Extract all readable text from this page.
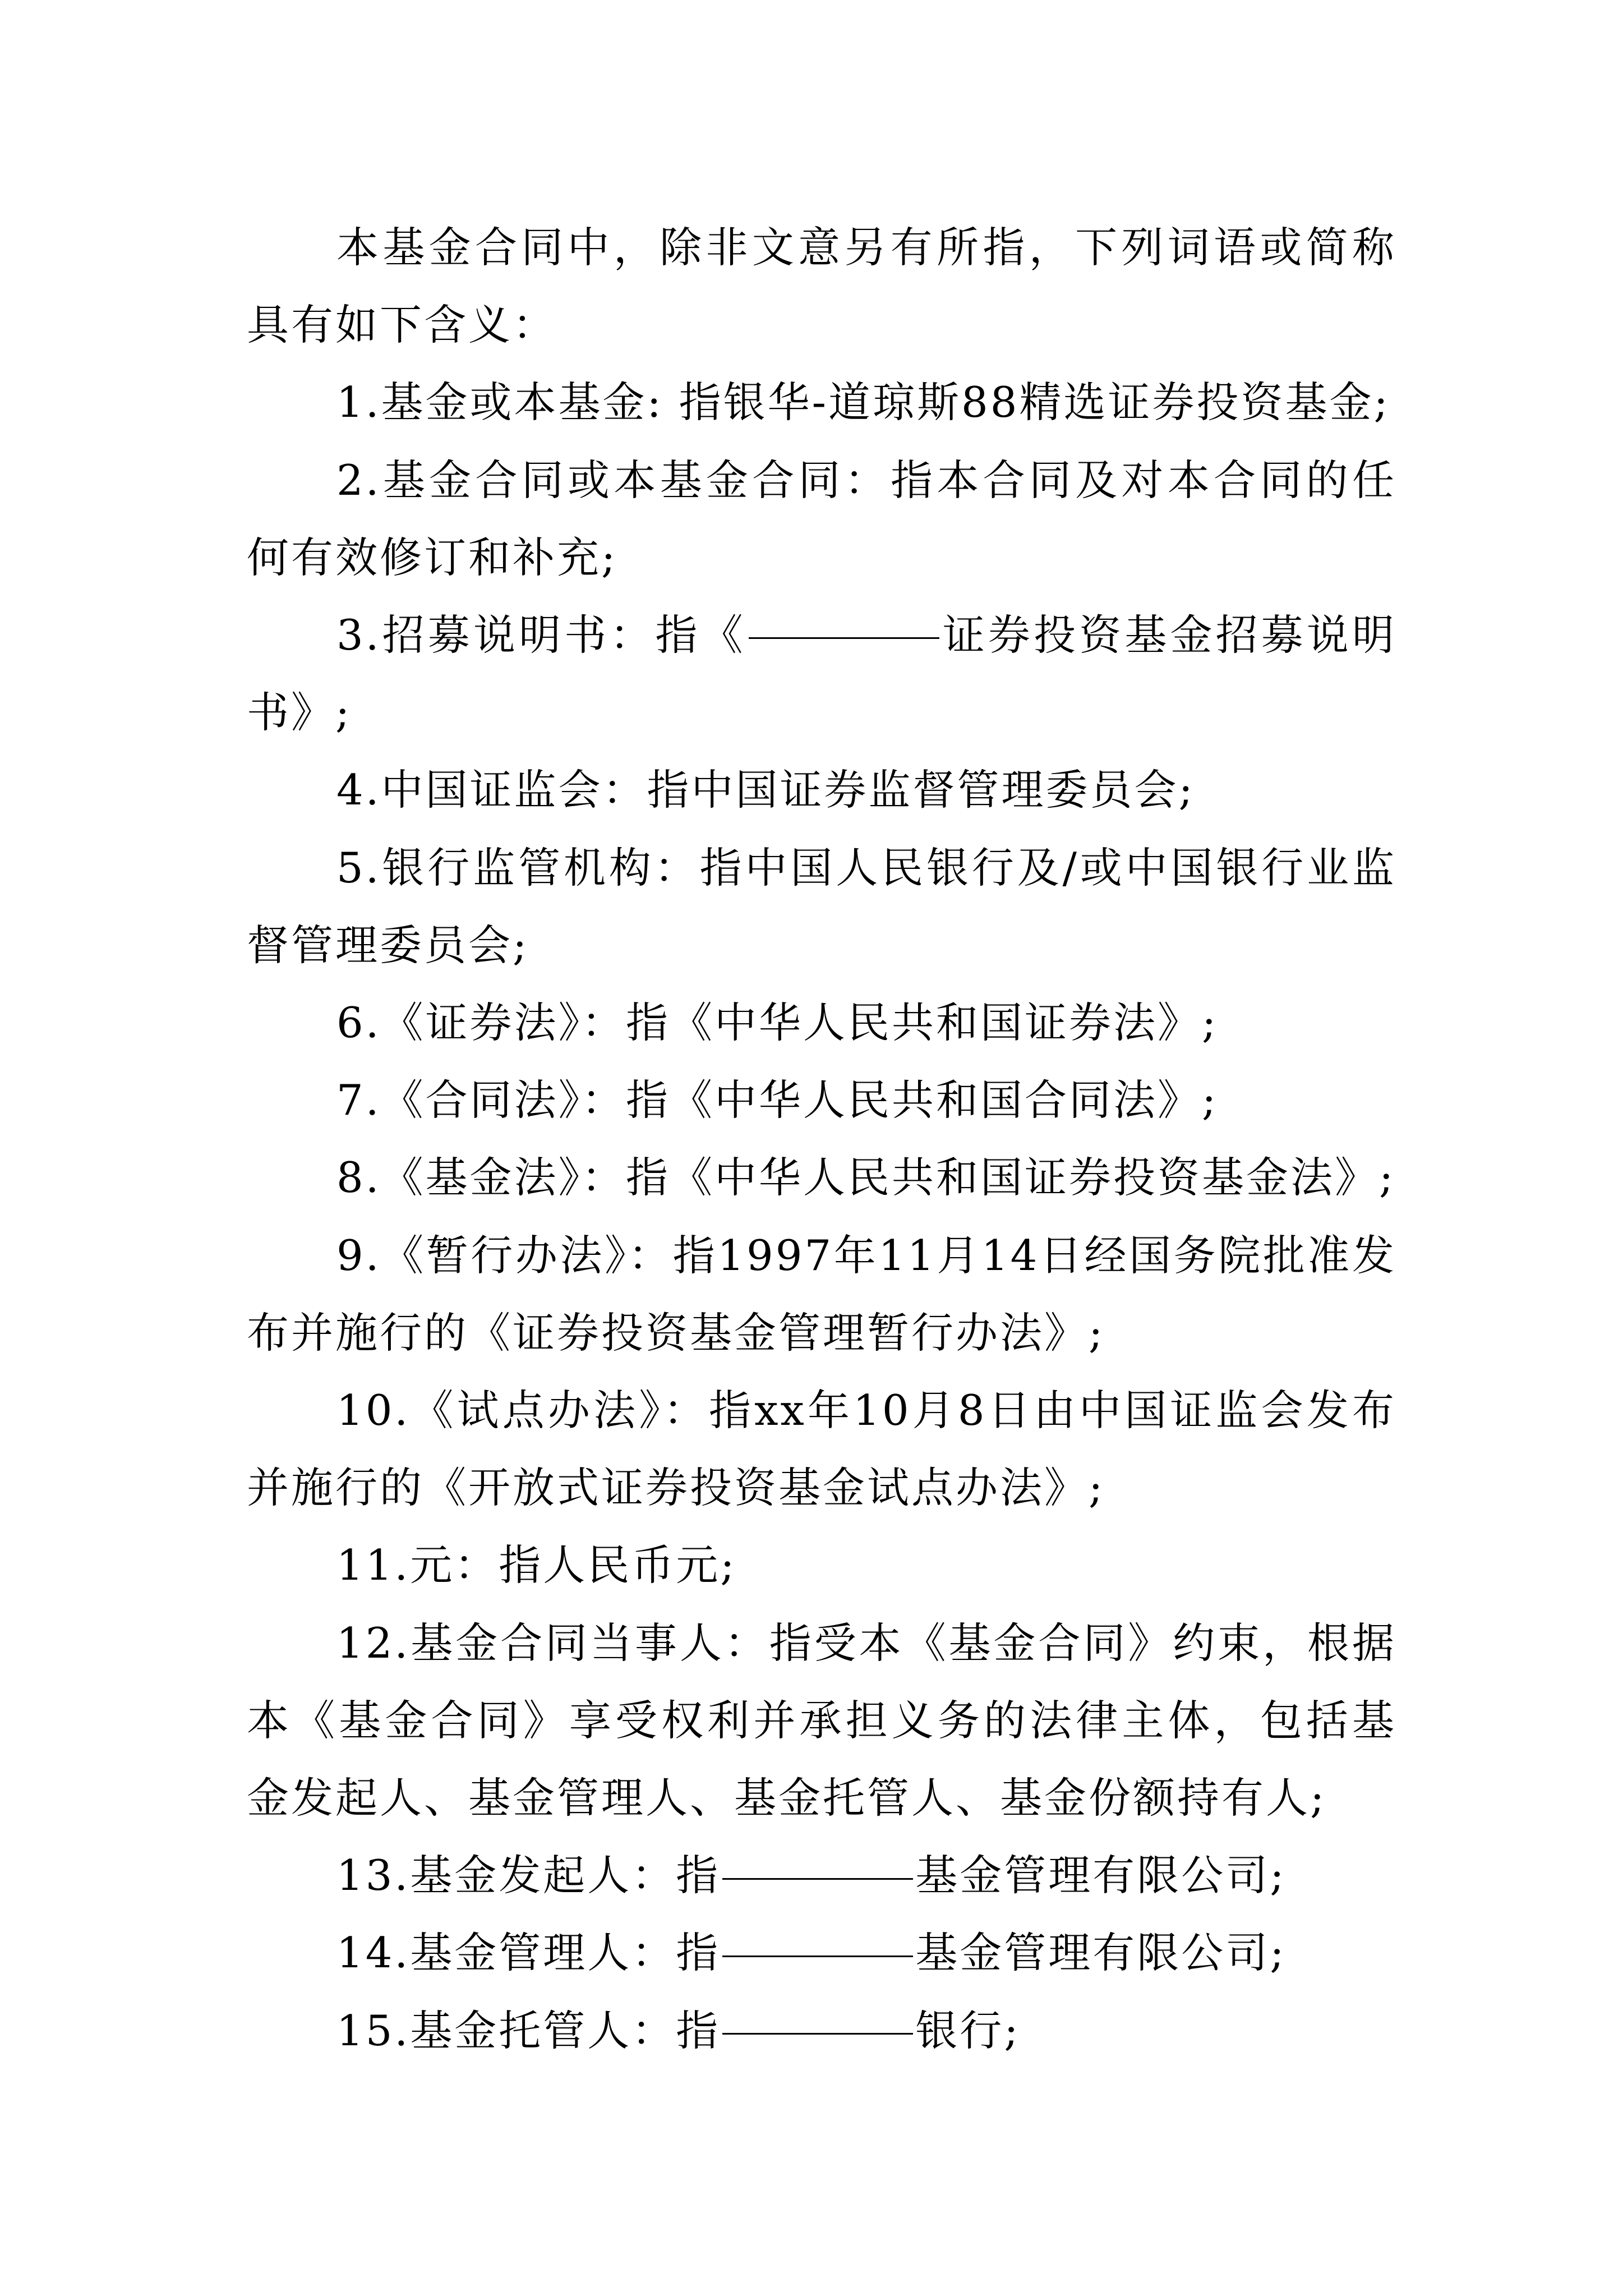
本基金合同中，除非文意另有所指，下列词语或简称具有如下含义：

1.基金或本基金: 指银华-道琼斯88精选证券投资基金;

2.基金合同或本基金合同：指本合同及对本合同的任何有效修订和补充;

3.招募说明书：指《	证券投资基金招募说明书》;

4.中国证监会：指中国证券监督管理委员会;

5.银行监管机构：指中国人民银行及/或中国银行业监督管理委员会;

6.《证券法》：指《中华人民共和国证券法》;

7.《合同法》：指《中华人民共和国合同法》;

8.《基金法》：指《中华人民共和国证券投资基金法》;

9.《暂行办法》：指1997年11月14日经国务院批准发布并施行的《证券投资基金管理暂行办法》;

10.《试点办法》：指xx年10月8日由中国证监会发布并施行的《开放式证券投资基金试点办法》;

11.元：指人民币元;

12.基金合同当事人：指受本《基金合同》约束，根据本《基金合同》享受权利并承担义务的法律主体，包括基金发起人、基金管理人、基金托管人、基金份额持有人;

13.基金发起人：指	基金管理有限公司;

14.基金管理人：指	基金管理有限公司;

15.基金托管人：指	银行;
